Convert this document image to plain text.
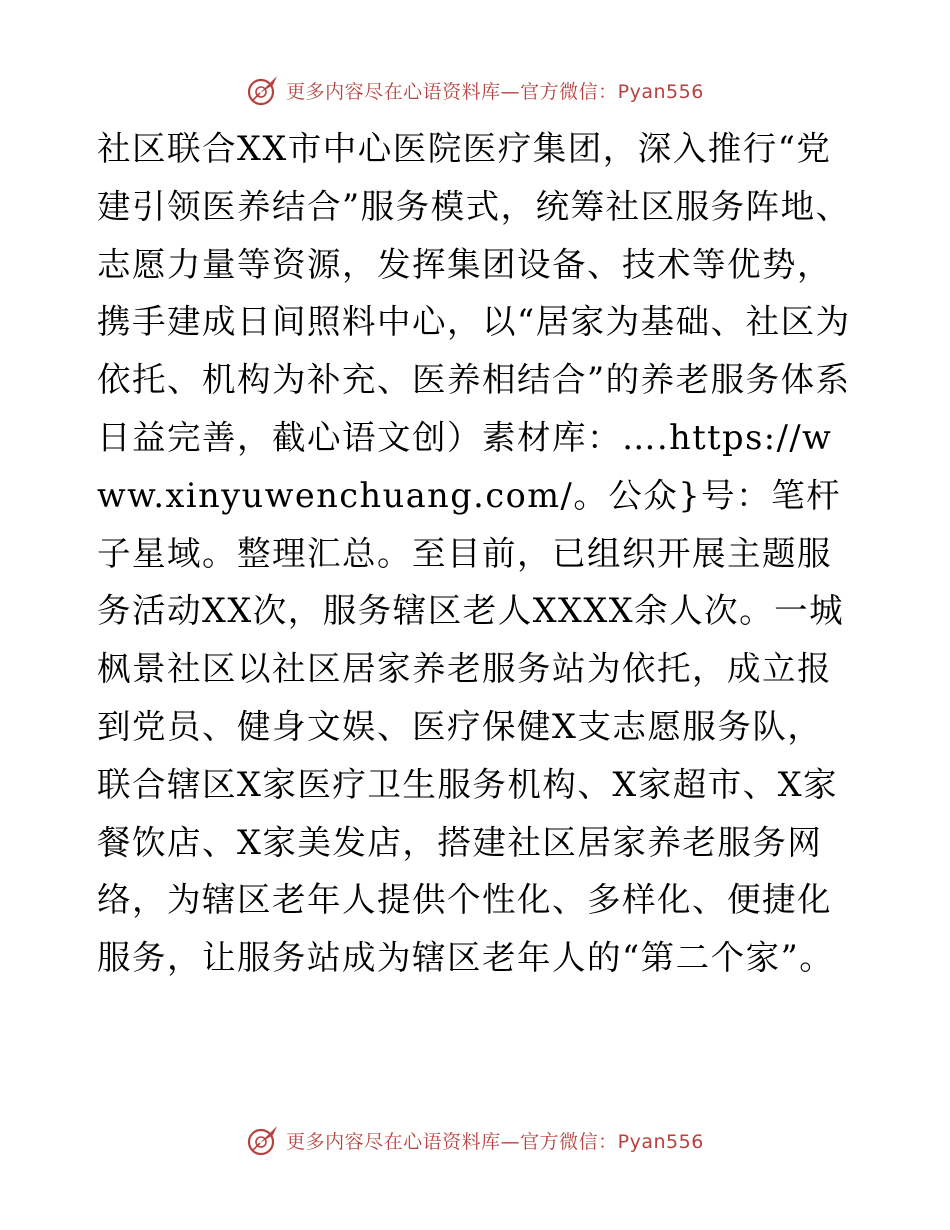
更多内容尽在心语资料库—官方微信：Pyan556

社区联合XX市中心医院医疗集团，深入推行“党建引领医养结合”服务模式，统筹社区服务阵地、志愿力量等资源，发挥集团设备、技术等优势，携手建成日间照料中心，以“居家为基础、社区为依托、机构为补充、医养相结合”的养老服务体系日益完善，截心语文创）素材库：….https://www.xinyuwenchuang.com/。公众}号：笔杆子星域。整理汇总。至目前，已组织开展主题服务活动XX次，服务辖区老人XXXX余人次。一城枫景社区以社区居家养老服务站为依托，成立报到党员、健身文娱、医疗保健X支志愿服务队，联合辖区X家医疗卫生服务机构、X家超市、X家餐饮店、X家美发店，搭建社区居家养老服务网络，为辖区老年人提供个性化、多样化、便捷化服务，让服务站成为辖区老年人的“第二个家”。

更多内容尽在心语资料库—官方微信：Pyan556
